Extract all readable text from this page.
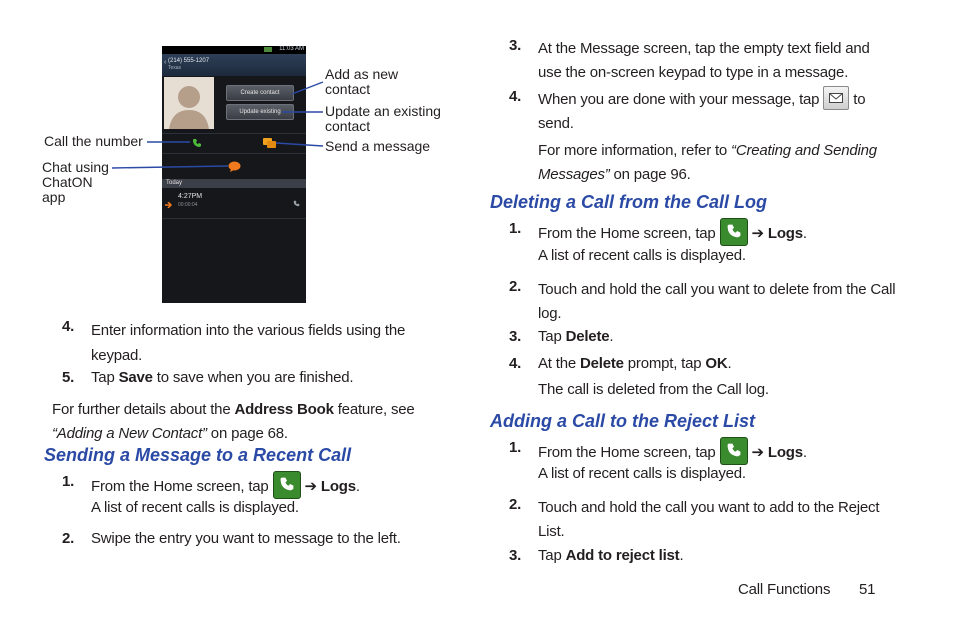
11:03 AM
‹ (214) 555-1207
Texas
Create contact
Update existing
Today
4:27PM
00:00:04
Add as new contact
Update an existing contact
Send a message
Call the number
Chat using ChatON app
4. Enter information into the various fields using the keypad.
5. Tap Save to save when you are finished.
For further details about the Address Book feature, see
“Adding a New Contact” on page 68.
Sending a Message to a Recent Call
1. From the Home screen, tap  ➔ Logs.
A list of recent calls is displayed.
2. Swipe the entry you want to message to the left.
3. At the Message screen, tap the empty text field and use the on-screen keypad to type in a message.
4. When you are done with your message, tap  to
send.
For more information, refer to “Creating and Sending
Messages” on page 96.
Deleting a Call from the Call Log
1. From the Home screen, tap  ➔ Logs.
A list of recent calls is displayed.
2. Touch and hold the call you want to delete from the Call log.
3. Tap Delete.
4. At the Delete prompt, tap OK.
The call is deleted from the Call log.
Adding a Call to the Reject List
1. From the Home screen, tap  ➔ Logs.
A list of recent calls is displayed.
2. Touch and hold the call you want to add to the Reject List.
3. Tap Add to reject list.
Call Functions 51
